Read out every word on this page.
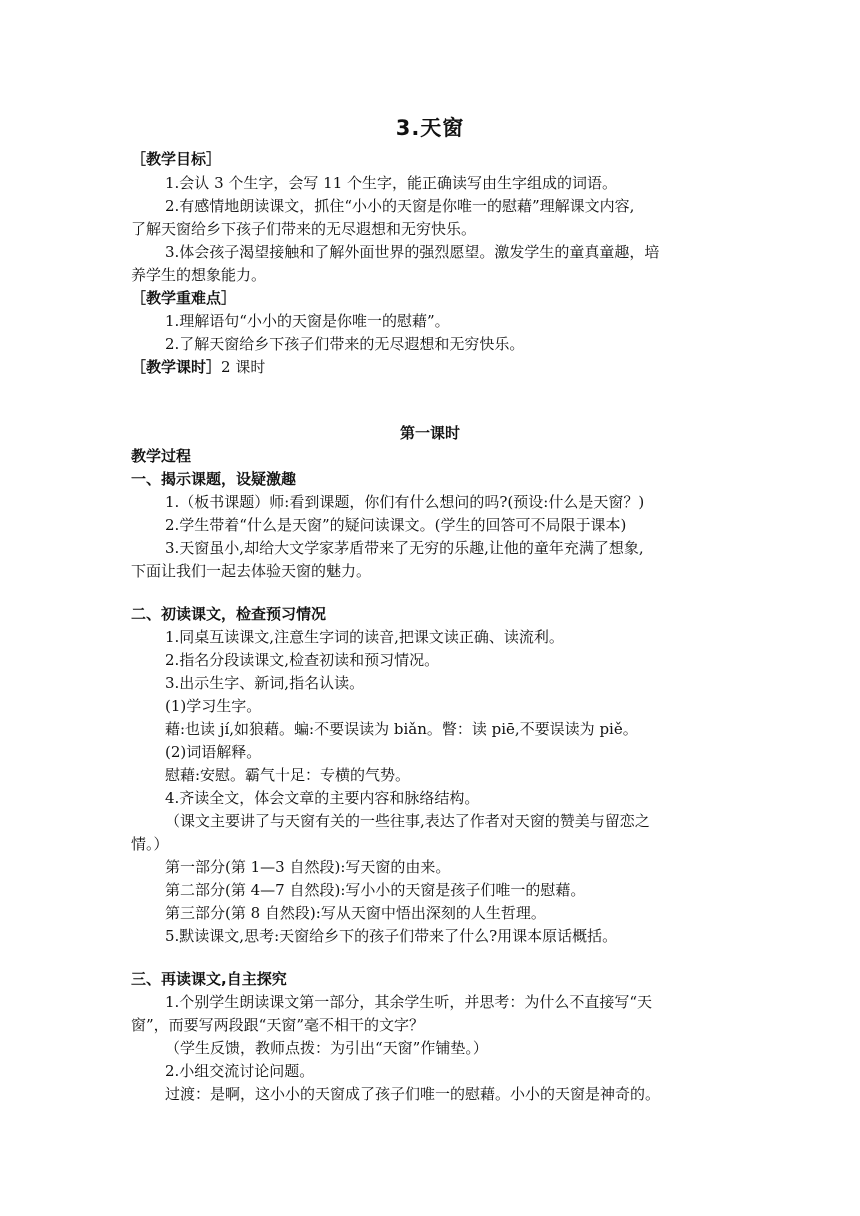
3.天窗
［教学目标］
1.会认 3 个生字，会写 11 个生字，能正确读写由生字组成的词语。
2.有感情地朗读课文，抓住“小小的天窗是你唯一的慰藉”理解课文内容,
了解天窗给乡下孩子们带来的无尽遐想和无穷快乐。
3.体会孩子渴望接触和了解外面世界的强烈愿望。激发学生的童真童趣，培
养学生的想象能力。
［教学重难点］
1.理解语句“小小的天窗是你唯一的慰藉”。
2.了解天窗给乡下孩子们带来的无尽遐想和无穷快乐。
［教学课时］2 课时
第一课时
教学过程
一、揭示课题，设疑激趣
1.（板书课题）师:看到课题，你们有什么想问的吗?(预设:什么是天窗？)
2.学生带着“什么是天窗”的疑问读课文。(学生的回答可不局限于课本)
3.天窗虽小,却给大文学家茅盾带来了无穷的乐趣,让他的童年充满了想象,
下面让我们一起去体验天窗的魅力。
二、初读课文，检查预习情况
1.同桌互读课文,注意生字词的读音,把课文读正确、读流利。
2.指名分段读课文,检查初读和预习情况。
3.出示生字、新词,指名认读。
(1)学习生字。
藉:也读 jí,如狼藉。蝙:不要误读为 biǎn。瞥：读 piē,不要误读为 piě。
(2)词语解释。
慰藉:安慰。霸气十足：专横的气势。
4.齐读全文，体会文章的主要内容和脉络结构。
（课文主要讲了与天窗有关的一些往事,表达了作者对天窗的赞美与留恋之
情。）
第一部分(第 1—3 自然段):写天窗的由来。
第二部分(第 4—7 自然段):写小小的天窗是孩子们唯一的慰藉。
第三部分(第 8 自然段):写从天窗中悟出深刻的人生哲理。
5.默读课文,思考:天窗给乡下的孩子们带来了什么?用课本原话概括。
三、再读课文,自主探究
1.个别学生朗读课文第一部分，其余学生听，并思考：为什么不直接写“天
窗”，而要写两段跟“天窗”毫不相干的文字？
（学生反馈，教师点拨：为引出“天窗”作铺垫。）
2.小组交流讨论问题。
过渡：是啊，这小小的天窗成了孩子们唯一的慰藉。小小的天窗是神奇的。
